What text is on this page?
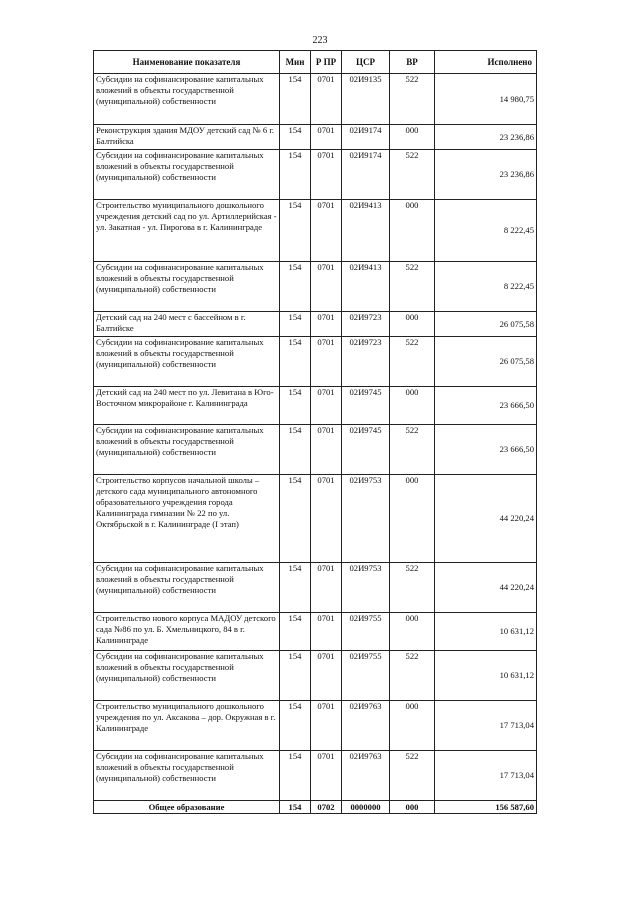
223
Наименование показателя	Мин	Р ПР	ЦСР	ВР	Исполнено
Субсидии на софинансирование капитальных вложений в объекты государственной (муниципальной) собственности	154	0701	02И9135	522	14 980,75
Реконструкция здания МДОУ детский сад № 6 г. Балтийска	154	0701	02И9174	000	23 236,86
Субсидии на софинансирование капитальных вложений в объекты государственной (муниципальной) собственности	154	0701	02И9174	522	23 236,86
Строительство муниципального дошкольного учреждения детский сад по ул. Артиллерийская - ул. Закатная - ул. Пирогова в г. Калининграде	154	0701	02И9413	000	8 222,45
Субсидии на софинансирование капитальных вложений в объекты государственной (муниципальной) собственности	154	0701	02И9413	522	8 222,45
Детский сад на 240 мест с бассейном в г. Балтийске	154	0701	02И9723	000	26 075,58
Субсидии на софинансирование капитальных вложений в объекты государственной (муниципальной) собственности	154	0701	02И9723	522	26 075,58
Детский сад на 240 мест по ул. Левитана в Юго-Восточном микрорайоне г. Калининграда	154	0701	02И9745	000	23 666,50
Субсидии на софинансирование капитальных вложений в объекты государственной (муниципальной) собственности	154	0701	02И9745	522	23 666,50
Строительство корпусов начальной школы – детского сада муниципального автономного образовательного учреждения города Калининграда гимназии № 22 по ул. Октябрьской в г. Калининграде (I этап)	154	0701	02И9753	000	44 220,24
Субсидии на софинансирование капитальных вложений в объекты государственной (муниципальной) собственности	154	0701	02И9753	522	44 220,24
Строительство нового корпуса МАДОУ детского сада №86 по ул. Б. Хмельницкого, 84 в г. Калининграде	154	0701	02И9755	000	10 631,12
Субсидии на софинансирование капитальных вложений в объекты государственной (муниципальной) собственности	154	0701	02И9755	522	10 631,12
Строительство муниципального дошкольного учреждения по ул. Аксакова – дор. Окружная в г. Калининграде	154	0701	02И9763	000	17 713,04
Субсидии на софинансирование капитальных вложений в объекты государственной (муниципальной) собственности	154	0701	02И9763	522	17 713,04
Общее образование	154	0702	0000000	000	156 587,60
